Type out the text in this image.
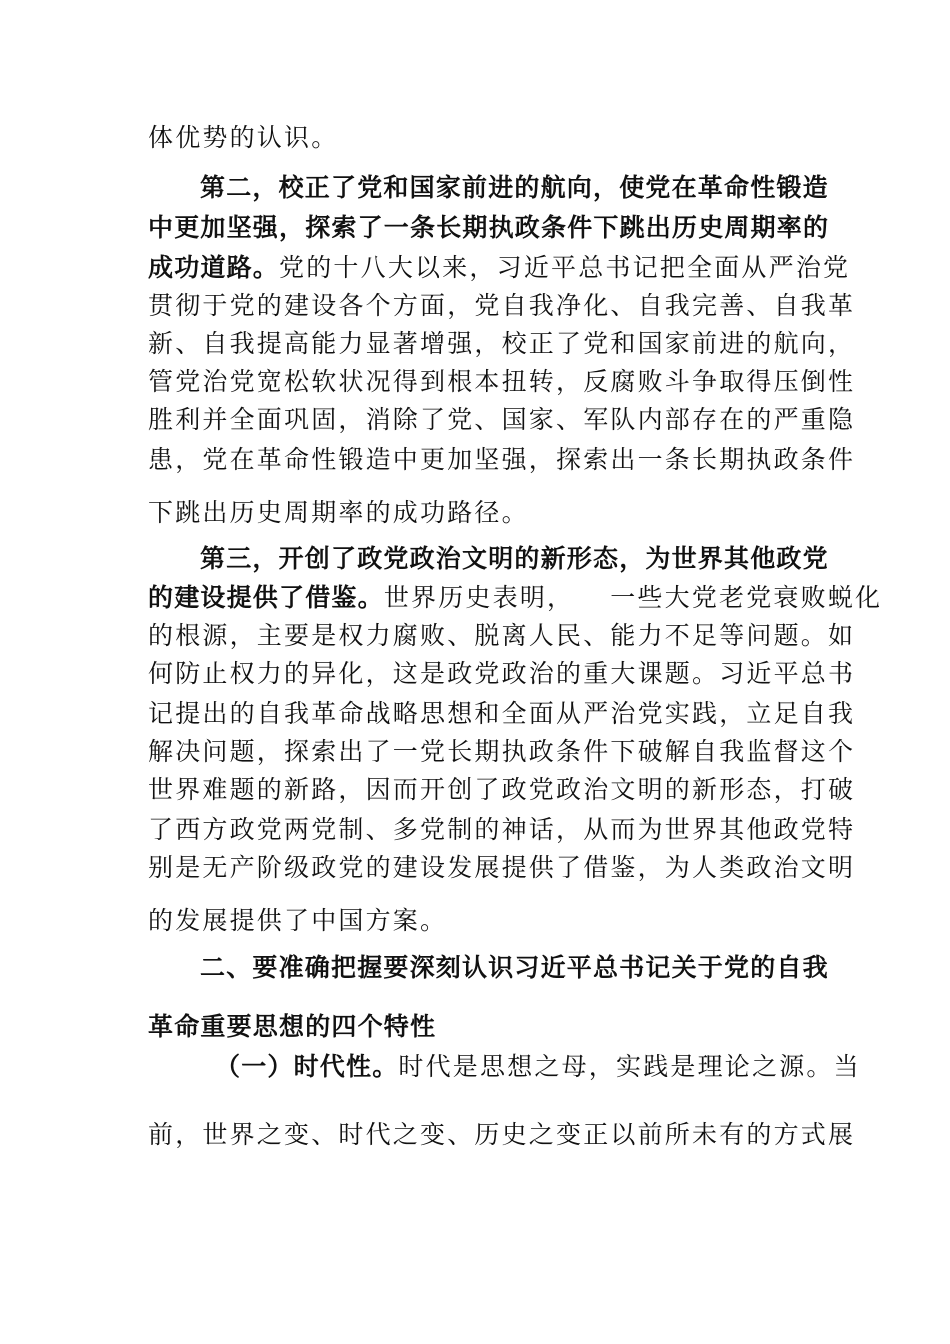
体优势的认识。
第二，校正了党和国家前进的航向，使党在革命性锻造
中更加坚强，探索了一条长期执政条件下跳出历史周期率的
成功道路。党的十八大以来，习近平总书记把全面从严治党
贯彻于党的建设各个方面，党自我净化、自我完善、自我革
新、自我提高能力显著增强，校正了党和国家前进的航向，
管党治党宽松软状况得到根本扭转，反腐败斗争取得压倒性
胜利并全面巩固，消除了党、国家、军队内部存在的严重隐
患，党在革命性锻造中更加坚强，探索出一条长期执政条件
下跳出历史周期率的成功路径。
第三，开创了政党政治文明的新形态，为世界其他政党
的建设提供了借鉴。世界历史表明， 一些大党老党衰败蜕化
的根源，主要是权力腐败、脱离人民、能力不足等问题。如
何防止权力的异化，这是政党政治的重大课题。习近平总书
记提出的自我革命战略思想和全面从严治党实践，立足自我
解决问题，探索出了一党长期执政条件下破解自我监督这个
世界难题的新路，因而开创了政党政治文明的新形态，打破
了西方政党两党制、多党制的神话，从而为世界其他政党特
别是无产阶级政党的建设发展提供了借鉴，为人类政治文明
的发展提供了中国方案。
二、要准确把握要深刻认识习近平总书记关于党的自我
革命重要思想的四个特性
（一）时代性。时代是思想之母，实践是理论之源。当
前，世界之变、时代之变、历史之变正以前所未有的方式展
